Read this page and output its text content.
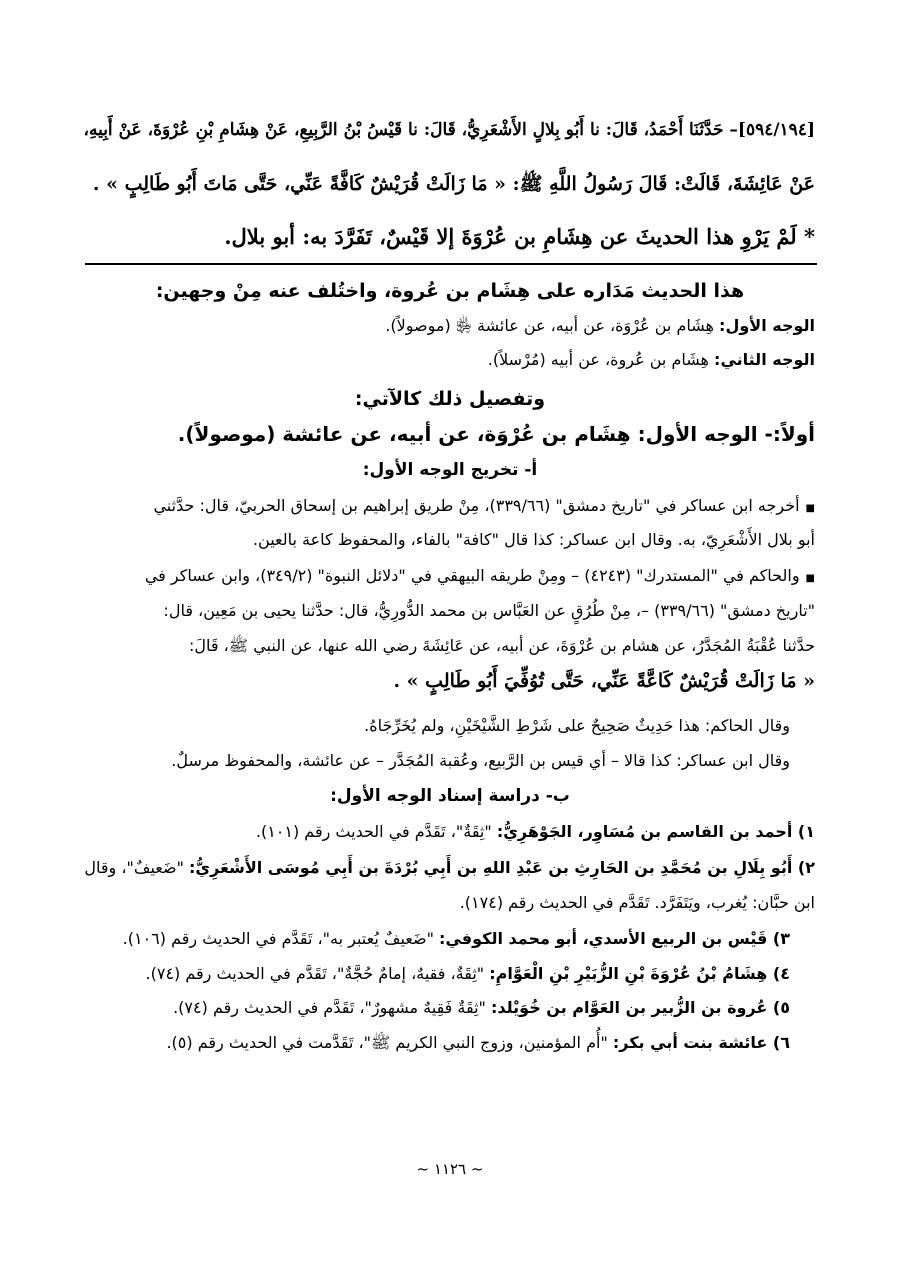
[٥٩٤/١٩٤]– حَدَّثَنَا أَحْمَدُ، قَالَ: نا أَبُو بِلالٍ الأَشْعَرِيُّ، قَالَ: نا قَيْسُ بْنُ الرَّبِيعِ، عَنْ هِشَامِ بْنِ عُرْوَةَ، عَنْ أَبِيهِ،
عَنْ عَائِشَةَ، قَالَتْ: قَالَ رَسُولُ اللَّهِ ﷺ: « مَا زَالَتْ قُرَيْشٌ كَافَّةً عَنِّي، حَتَّى مَاتَ أَبُو طَالِبٍ » .
* لَمْ يَرْوِ هذا الحديثَ عن هِشَامِ بن عُرْوَةَ إلا قَيْسٌ، تَفَرَّدَ به: أبو بلال.
هذا الحديث مَدَاره على هِشَام بن عُروة، واختُلف عنه مِنْ وجهين:
الوجه الأول: هِشَام بن عُرْوَة، عن أبيه، عن عائشة ﵂ (موصولاً).
الوجه الثاني: هِشَام بن عُروة، عن أبيه (مُرْسلاً).
وتفصيل ذلك كالآتي:
أولاً:- الوجه الأول: هِشَام بن عُرْوَة، عن أبيه، عن عائشة (موصولاً).
أ- تخريج الوجه الأول:
■أخرجه ابن عساكر في "تاريخ دمشق" (٣٣٩/٦٦)، مِنْ طريق إبراهيم بن إسحاق الحربيّ، قال: حدَّثني
أبو بلال الأَشْعَرِيّ، به. وقال ابن عساكر: كذا قال "كافة" بالفاء، والمحفوظ كاعة بالعين.
■والحاكم في "المستدرك" (٤٢٤٣) – ومِنْ طريقه البيهقي في "دلائل النبوة" (٣٤٩/٢)، وابن عساكر في
"تاريخ دمشق" (٣٣٩/٦٦) –، مِنْ طُرُقٍ عن العَبَّاس بن محمد الدُّورِيُّ، قال: حدَّثنا يحيى بن مَعِين، قال:
حدَّثنا عُقْبَةُ المُجَدَّرُ، عن هشام بن عُرْوَةَ، عن أبيه، عن عَائِشَةَ رضي الله عنها، عن النبي ﷺ، قَالَ:
« مَا زَالَتْ قُرَيْشٌ كَاعَّةً عَنِّي، حَتَّى تُوُفِّيَ أَبُو طَالِبٍ » .
وقال الحاكم: هذا حَدِيثٌ صَحِيحٌ على شَرْطِ الشَّيْخَيْنِ، ولم يُخَرِّجَاهُ.
وقال ابن عساكر: كذا قالا – أي قيس بن الرَّبيع، وعُقبة المُجَدَّر – عن عائشة، والمحفوظ مرسلٌ.
ب- دراسة إسناد الوجه الأول:
١) أحمد بن القاسم بن مُسَاوِر، الجَوْهَرِيُّ: "ثِقَةٌ"، تَقَدَّم في الحديث رقم (١٠١).
٢) أَبُو بِلَالِ بن مُحَمَّدِ بن الحَارِثِ بن عَبْدِ اللهِ بن أَبِي بُرْدَةَ بن أَبِي مُوسَى الأَشْعَرِيُّ: "ضَعيفٌ"، وقال
ابن حبَّان: يُغرب، ويَتَفَرَّد. تَقَدَّم في الحديث رقم (١٧٤).
٣) قَيْس بن الربيع الأسدي، أبو محمد الكوفي: "ضَعيفٌ يُعتبر به"، تَقَدَّم في الحديث رقم (١٠٦).
٤) هِشَامُ بْنُ عُرْوَةَ بْنِ الزُّبَيْرِ بْنِ الْعَوَّامِ: "ثِقَةٌ، فقيهٌ، إمامٌ حُجَّةٌ"، تَقَدَّم في الحديث رقم (٧٤).
٥) عُروة بن الزُّبير بن العَوَّام بن خُوَيْلد: "ثِقَةٌ فَقِيهٌ مشهورٌ"، تَقَدَّم في الحديث رقم (٧٤).
٦) عائشة بنت أبي بكر: "أُم المؤمنين، وزوج النبي الكريم ﷺ"، تَقَدَّمت في الحديث رقم (٥).
~ ١١٢٦ ~
